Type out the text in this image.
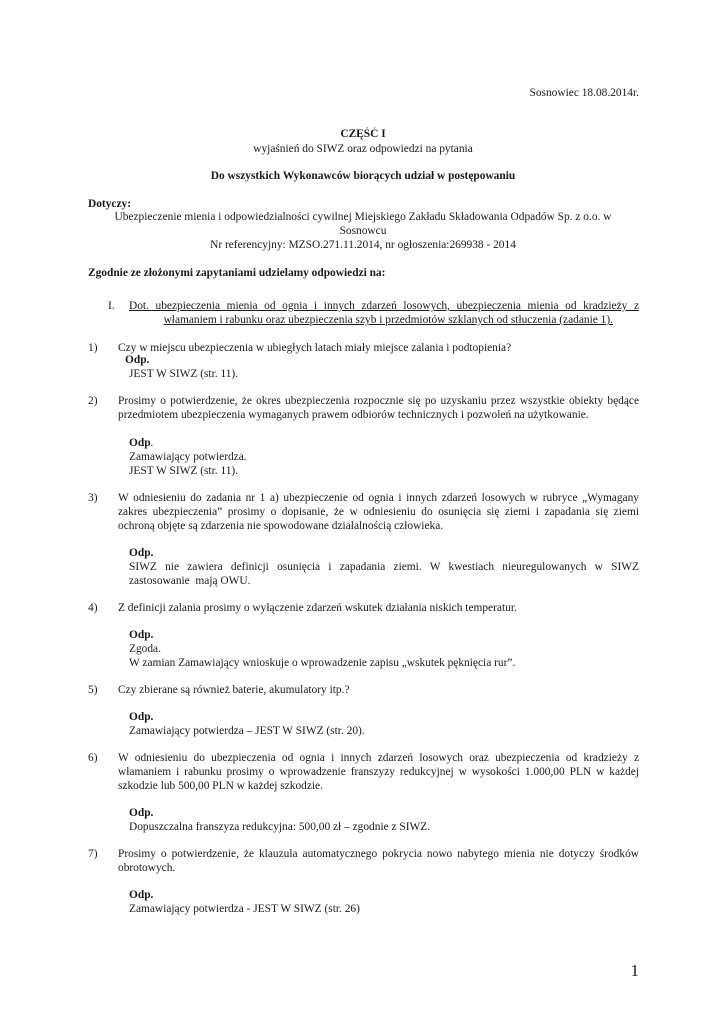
Sosnowiec 18.08.2014r.
CZĘŚĆ I
wyjaśnień do SIWZ oraz odpowiedzi na pytania
Do wszystkich Wykonawców biorących udział w postępowaniu
Dotyczy:
Ubezpieczenie mienia i odpowiedzialności cywilnej Miejskiego Zakładu Składowania Odpadów Sp. z o.o. w
Sosnowcu
Nr referencyjny: MZSO.271.11.2014, nr ogłoszenia:269938 - 2014
Zgodnie ze złożonymi zapytaniami udzielamy odpowiedzi na:
I. Dot. ubezpieczenia mienia od ognia i innych zdarzeń losowych, ubezpieczenia mienia od kradzieży z
włamaniem i rabunku oraz ubezpieczenia szyb i przedmiotów szklanych od stłuczenia (zadanie 1).
1) Czy w miejscu ubezpieczenia w ubiegłych latach miały miejsce zalania i podtopienia?
Odp.
JEST W SIWZ (str. 11).
2) Prosimy o potwierdzenie, że okres ubezpieczenia rozpocznie się po uzyskaniu przez wszystkie obiekty będące
przedmiotem ubezpieczenia wymaganych prawem odbiorów technicznych i pozwoleń na użytkowanie.
Odp.
Zamawiający potwierdza.
JEST W SIWZ (str. 11).
3) W odniesieniu do zadania nr 1 a) ubezpieczenie od ognia i innych zdarzeń losowych w rubryce „Wymagany
zakres ubezpieczenia” prosimy o dopisanie, że w odniesieniu do osunięcia się ziemi i zapadania się ziemi
ochroną objęte są zdarzenia nie spowodowane działalnością człowieka.
Odp.
SIWZ nie zawiera definicji osunięcia i zapadania ziemi. W kwestiach nieuregulowanych w SIWZ
zastosowanie  mają OWU.
4) Z definicji zalania prosimy o wyłączenie zdarzeń wskutek działania niskich temperatur.
Odp.
Zgoda.
W zamian Zamawiający wnioskuje o wprowadzenie zapisu „wskutek pęknięcia rur”.
5) Czy zbierane są również baterie, akumulatory itp.?
Odp.
Zamawiający potwierdza – JEST W SIWZ (str. 20).
6) W odniesieniu do ubezpieczenia od ognia i innych zdarzeń losowych oraz ubezpieczenia od kradzieży z
włamaniem i rabunku prosimy o wprowadzenie franszyzy redukcyjnej w wysokości 1.000,00 PLN w każdej
szkodzie lub 500,00 PLN w każdej szkodzie.
Odp.
Dopuszczalna franszyza redukcyjna: 500,00 zł – zgodnie z SIWZ.
7) Prosimy o potwierdzenie, że klauzula automatycznego pokrycia nowo nabytego mienia nie dotyczy środków
obrotowych.
Odp.
Zamawiający potwierdza - JEST W SIWZ (str. 26)
1
